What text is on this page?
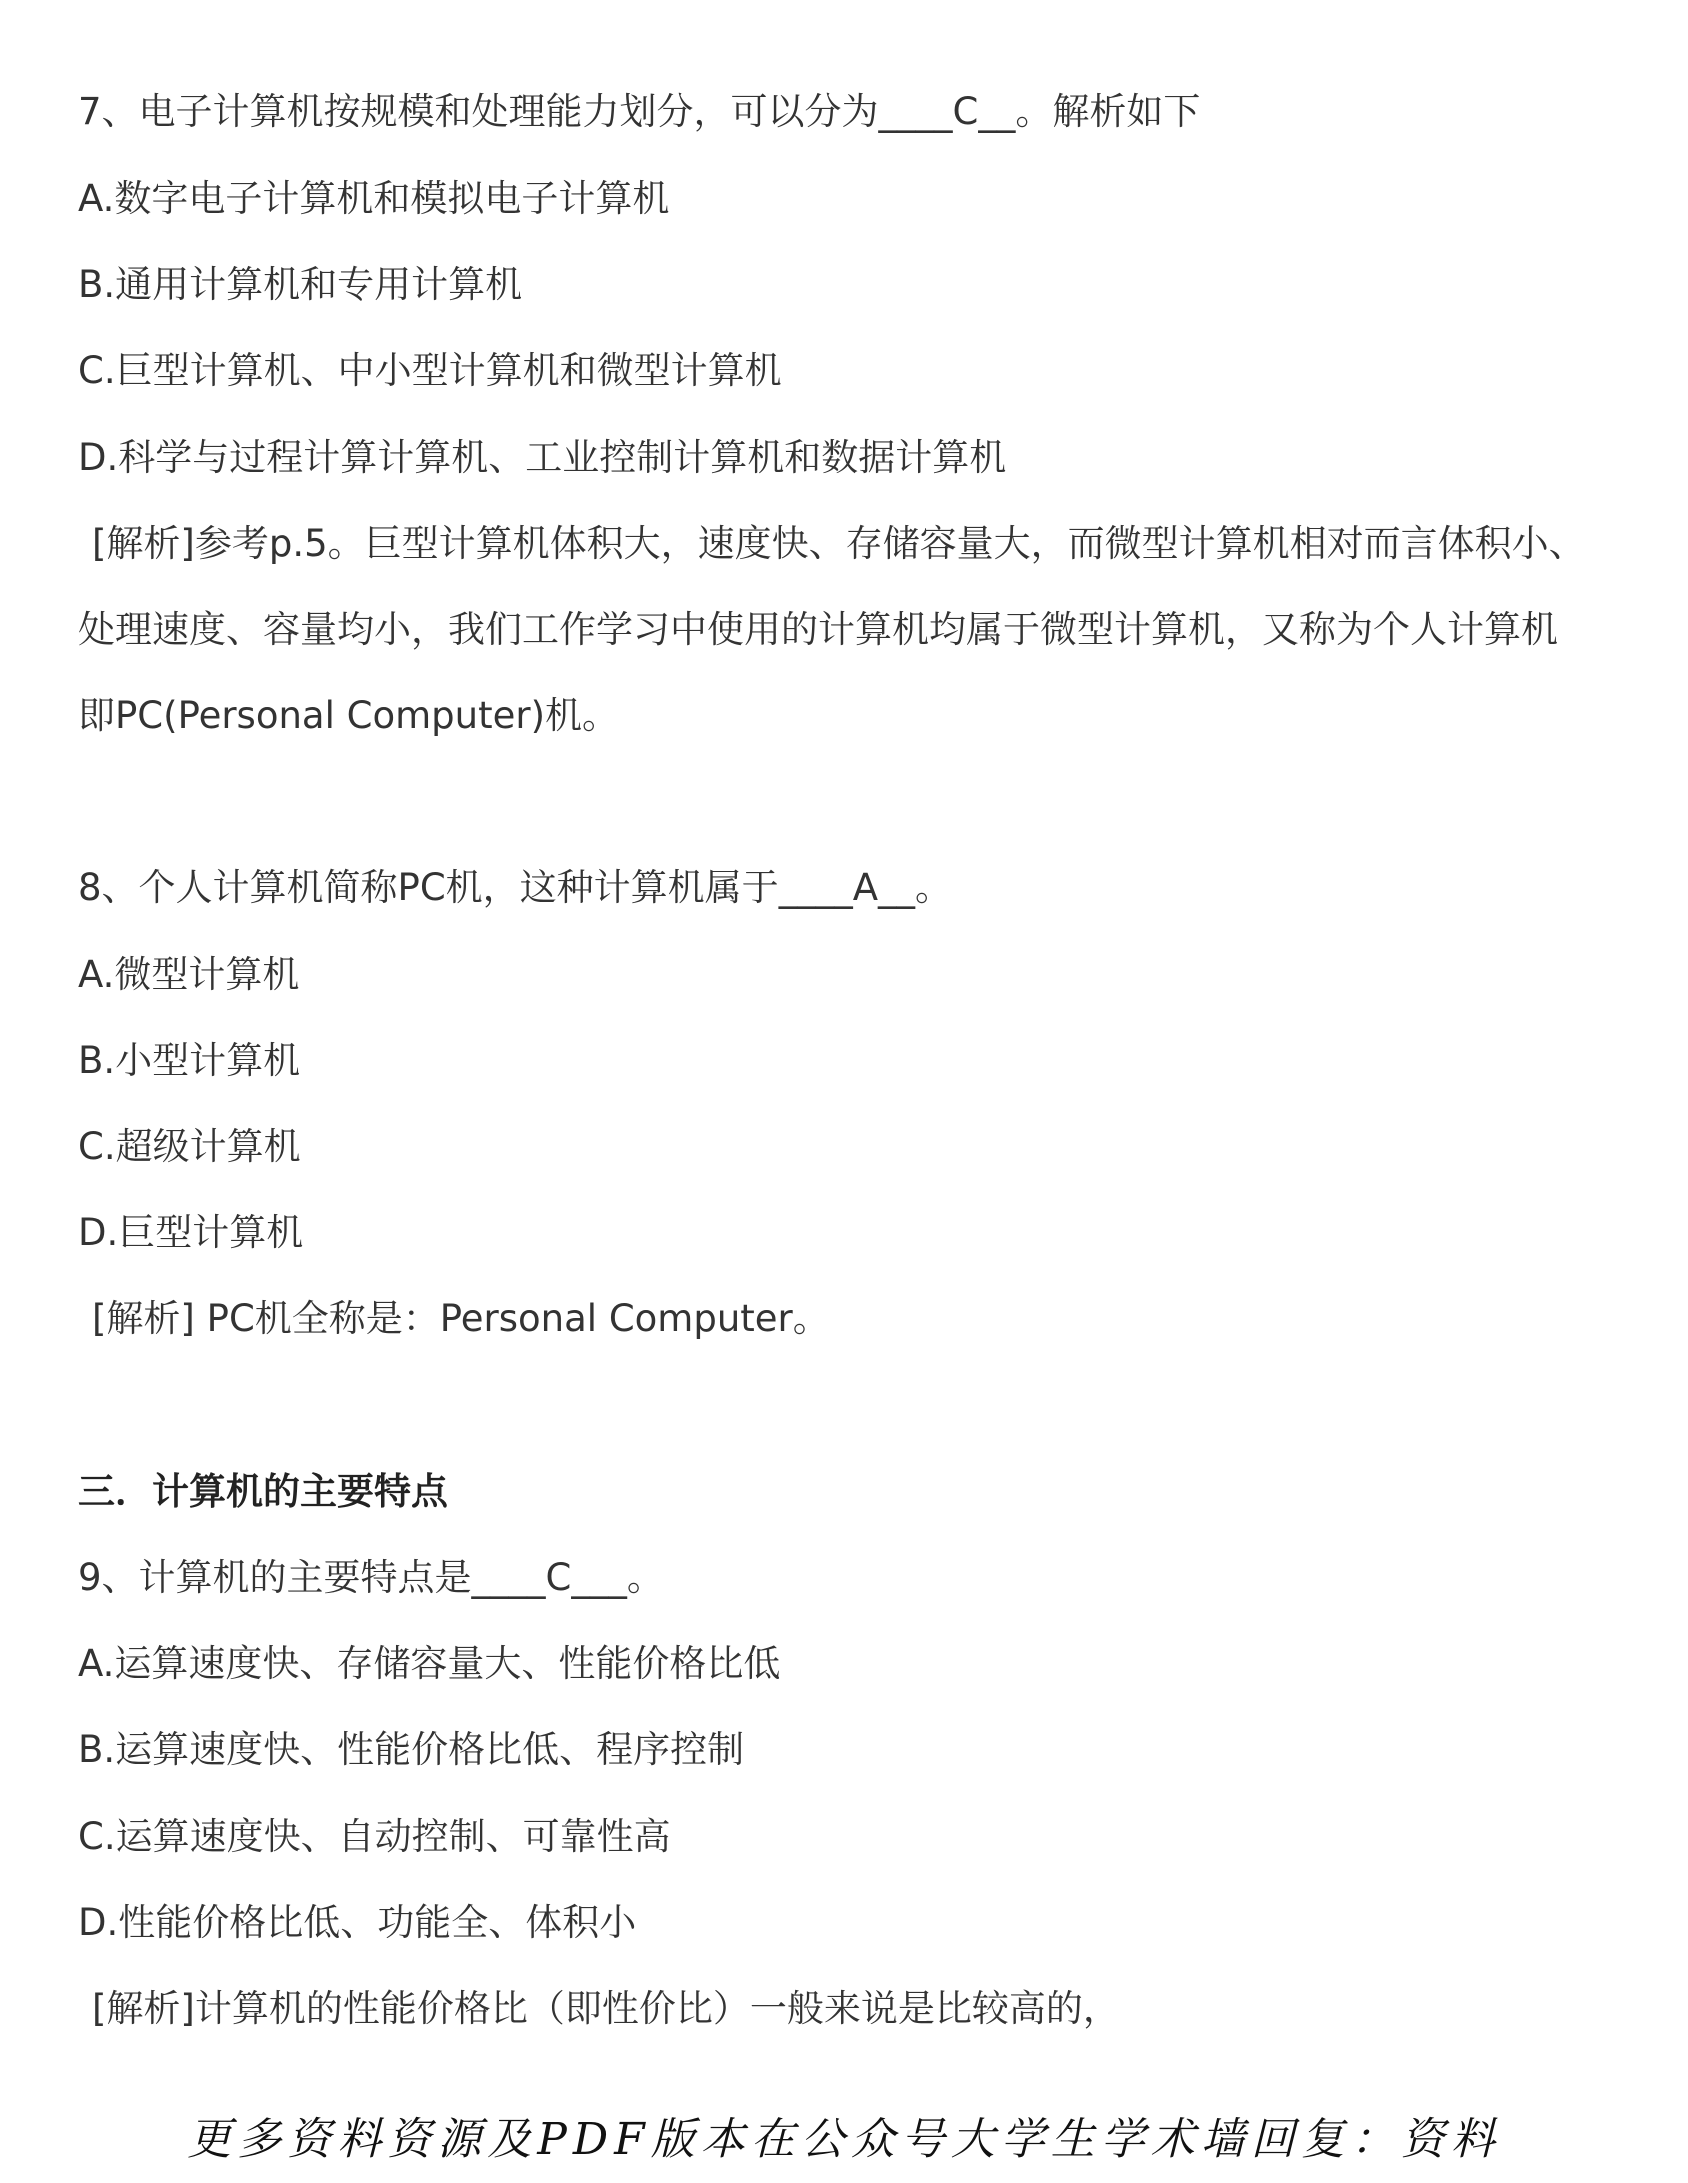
7、电子计算机按规模和处理能力划分，可以分为____C__。解析如下
A.数字电子计算机和模拟电子计算机
B.通用计算机和专用计算机
C.巨型计算机、中小型计算机和微型计算机
D.科学与过程计算计算机、工业控制计算机和数据计算机
[解析]参考p.5。巨型计算机体积大，速度快、存储容量大，而微型计算机相对而言体积小、
处理速度、容量均小，我们工作学习中使用的计算机均属于微型计算机，又称为个人计算机
即PC(Personal Computer)机。
8、个人计算机简称PC机，这种计算机属于____A__。
A.微型计算机
B.小型计算机
C.超级计算机
D.巨型计算机
[解析] PC机全称是：Personal Computer。
三．计算机的主要特点
9、计算机的主要特点是____C___。
A.运算速度快、存储容量大、性能价格比低
B.运算速度快、性能价格比低、程序控制
C.运算速度快、自动控制、可靠性高
D.性能价格比低、功能全、体积小
[解析]计算机的性能价格比（即性价比）一般来说是比较高的，
更多资料资源及PDF版本在公众号大学生学术墙回复：资料
